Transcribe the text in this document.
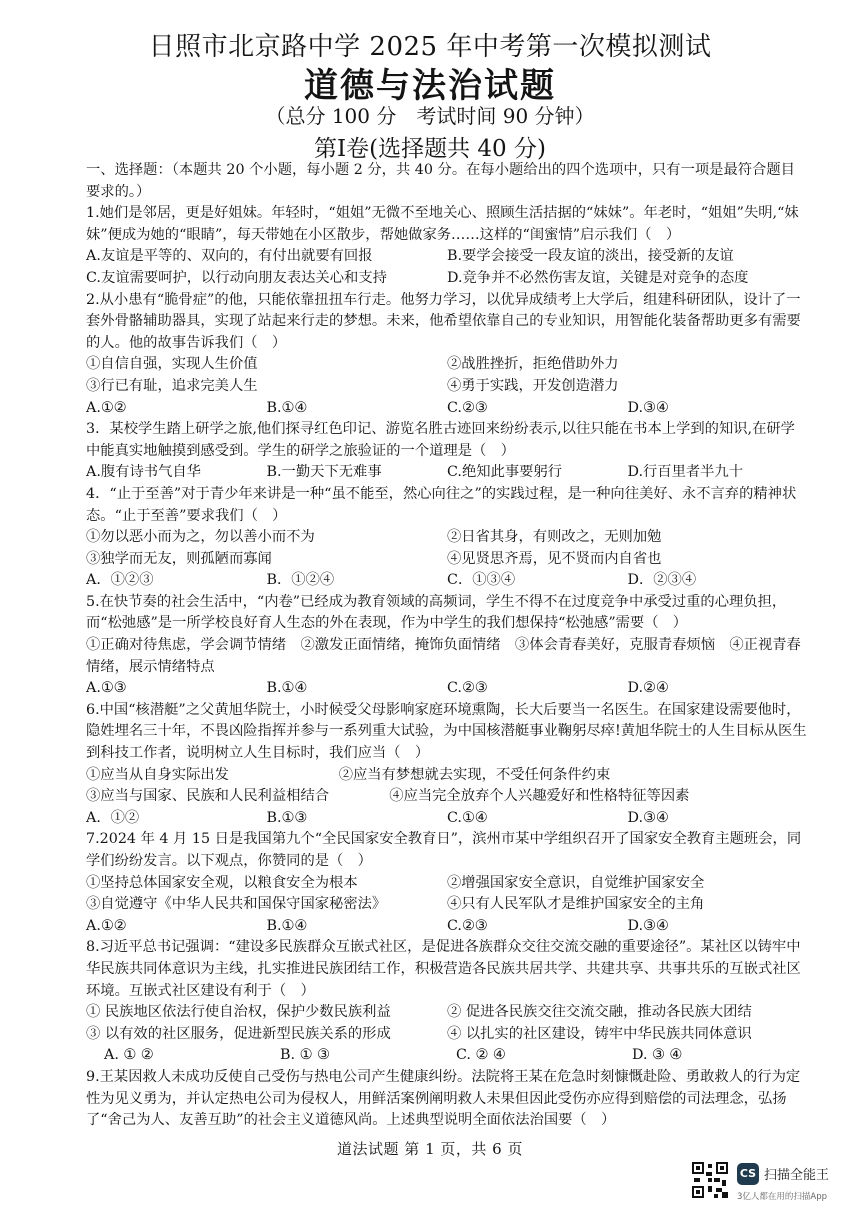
日照市北京路中学 2025 年中考第一次模拟测试
道德与法治试题
（总分 100 分　考试时间 90 分钟）
第Ⅰ卷(选择题共 40 分)

一、选择题：（本题共 20 个小题，每小题 2 分，共 40 分。在每小题给出的四个选项中，只有一项是最符合题目要求的。）

1.她们是邻居，更是好姐妹。年轻时，“姐姐”无微不至地关心、照顾生活拮据的“妹妹”。年老时，“姐姐”失明,“妹妹”便成为她的“眼睛”，每天带她在小区散步，帮她做家务……这样的“闺蜜情”启示我们（　）

A.友谊是平等的、双向的，有付出就要有回报	B.要学会接受一段友谊的淡出，接受新的友谊
C.友谊需要呵护，以行动向朋友表达关心和支持	D.竞争并不必然伤害友谊，关键是对竞争的态度

2.从小患有“脆骨症”的他，只能依靠扭扭车行走。他努力学习，以优异成绩考上大学后，组建科研团队，设计了一套外骨骼辅助器具，实现了站起来行走的梦想。未来，他希望依靠自己的专业知识，用智能化装备帮助更多有需要的人。他的故事告诉我们（　）

①自信自强，实现人生价值	②战胜挫折，拒绝借助外力
③行已有耻，追求完美人生	④勇于实践，开发创造潜力
A.①②	B.①④	C.②③	D.③④

3．某校学生踏上研学之旅,他们探寻红色印记、游览名胜古迹回来纷纷表示,以往只能在书本上学到的知识,在研学中能真实地触摸到感受到。学生的研学之旅验证的一个道理是（　）

A.腹有诗书气自华	B.一勤天下无难事	C.绝知此事要躬行	D.行百里者半九十

4．“止于至善”对于青少年来讲是一种“虽不能至，然心向往之”的实践过程，是一种向往美好、永不言弃的精神状态。“止于至善”要求我们（　）

①勿以恶小而为之，勿以善小而不为	②日省其身，有则改之，无则加勉
③独学而无友，则孤陋而寡闻	④见贤思齐焉，见不贤而内自省也
A．①②③	B．①②④	C．①③④	D．②③④

5.在快节奏的社会生活中，“内卷”已经成为教育领域的高频词，学生不得不在过度竞争中承受过重的心理负担，而“松弛感”是一所学校良好育人生态的外在表现，作为中学生的我们想保持“松弛感”需要（　）

①正确对待焦虑，学会调节情绪　②激发正面情绪，掩饰负面情绪　③体会青春美好，克服青春烦恼　④正视青春情绪，展示情绪特点

A.①③	B.①④	C.②③	D.②④

6.中国“核潜艇”之父黄旭华院士，小时候受父母影响家庭环境熏陶，长大后要当一名医生。在国家建设需要他时，隐姓埋名三十年，不畏凶险指挥并参与一系列重大试验，为中国核潜艇事业鞠躬尽瘁!黄旭华院士的人生目标从医生到科技工作者，说明树立人生目标时，我们应当（　）

①应当从自身实际出发	②应当有梦想就去实现，不受任何条件约束
③应当与国家、民族和人民利益相结合	④应当完全放弃个人兴趣爱好和性格特征等因素
A．①②	B.①③	C.①④	D.③④

7.2024 年 4 月 15 日是我国第九个“全民国家安全教育日”，滨州市某中学组织召开了国家安全教育主题班会，同学们纷纷发言。以下观点，你赞同的是（　）

①坚持总体国家安全观，以粮食安全为根本	②增强国家安全意识，自觉维护国家安全
③自觉遵守《中华人民共和国保守国家秘密法》	④只有人民军队才是维护国家安全的主角
A.①②	B.①④	C.②③	D.③④

8.习近平总书记强调：“建设多民族群众互嵌式社区，是促进各族群众交往交流交融的重要途径”。某社区以铸牢中华民族共同体意识为主线，扎实推进民族团结工作，积极营造各民族共居共学、共建共享、共事共乐的互嵌式社区环境。互嵌式社区建设有利于（　）

① 民族地区依法行使自治权，保护少数民族利益	② 促进各民族交往交流交融，推动各民族大团结
③ 以有效的社区服务，促进新型民族关系的形成	④ 以扎实的社区建设，铸牢中华民族共同体意识
A. ① ②	B. ① ③	C. ② ④	D. ③ ④

9.王某因救人未成功反使自己受伤与热电公司产生健康纠纷。法院将王某在危急时刻慷慨赴险、勇敢救人的行为定性为见义勇为，并认定热电公司为侵权人，用鲜活案例阐明救人未果但因此受伤亦应得到赔偿的司法理念，弘扬了“舍己为人、友善互助”的社会主义道德风尚。上述典型说明全面依法治国要（　）

道法试题 第 1 页，共 6 页
CS 扫描全能王
3亿人都在用的扫描App
